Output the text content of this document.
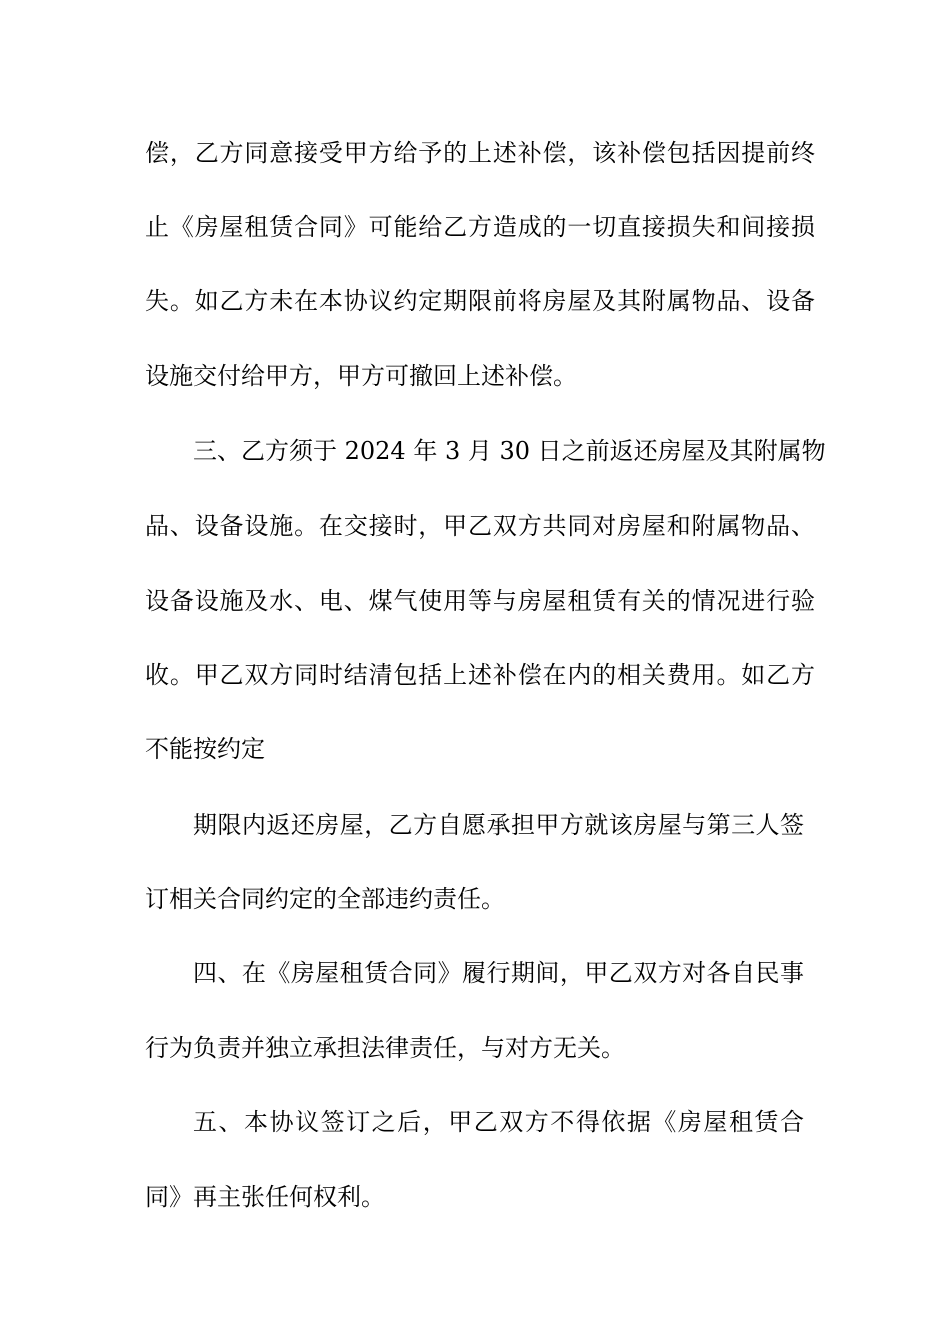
偿，乙方同意接受甲方给予的上述补偿，该补偿包括因提前终
止《房屋租赁合同》可能给乙方造成的一切直接损失和间接损
失。如乙方未在本协议约定期限前将房屋及其附属物品、设备
设施交付给甲方，甲方可撤回上述补偿。
三、乙方须于 2024 年 3 月 30 日之前返还房屋及其附属物
品、设备设施。在交接时，甲乙双方共同对房屋和附属物品、
设备设施及水、电、煤气使用等与房屋租赁有关的情况进行验
收。甲乙双方同时结清包括上述补偿在内的相关费用。如乙方
不能按约定
期限内返还房屋，乙方自愿承担甲方就该房屋与第三人签
订相关合同约定的全部违约责任。
四、在《房屋租赁合同》履行期间，甲乙双方对各自民事
行为负责并独立承担法律责任，与对方无关。
五、本协议签订之后，甲乙双方不得依据《房屋租赁合
同》再主张任何权利。
